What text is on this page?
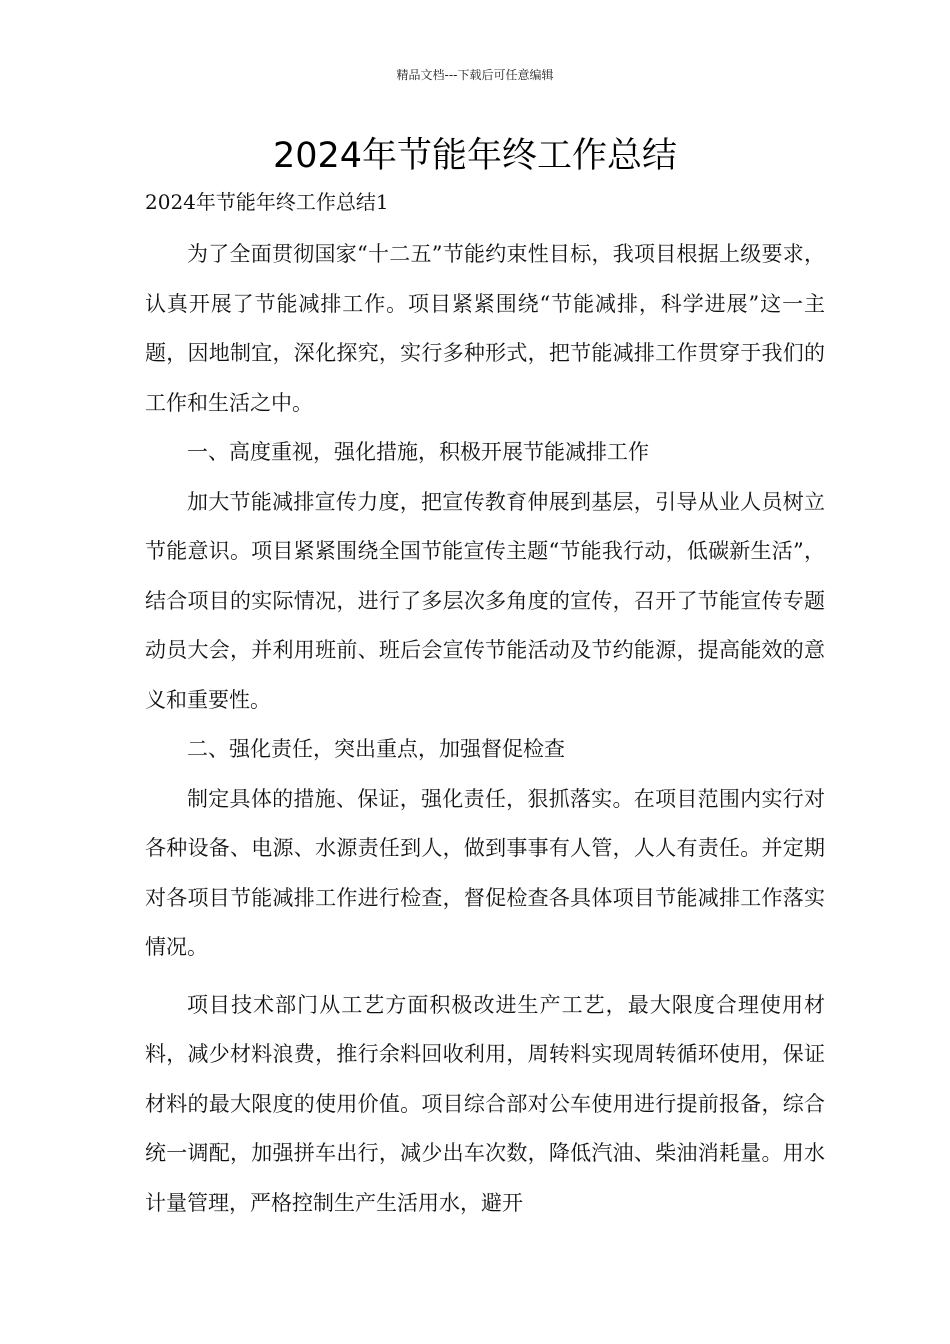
精品文档---下载后可任意编辑
2024年节能年终工作总结
2024年节能年终工作总结1

为了全面贯彻国家“十二五”节能约束性目标，我项目根据上级要求，认真开展了节能减排工作。项目紧紧围绕“节能减排，科学进展”这一主题，因地制宜，深化探究，实行多种形式，把节能减排工作贯穿于我们的工作和生活之中。

一、高度重视，强化措施，积极开展节能减排工作

加大节能减排宣传力度，把宣传教育伸展到基层，引导从业人员树立节能意识。项目紧紧围绕全国节能宣传主题“节能我行动，低碳新生活”，结合项目的实际情况，进行了多层次多角度的宣传，召开了节能宣传专题动员大会，并利用班前、班后会宣传节能活动及节约能源，提高能效的意义和重要性。

二、强化责任，突出重点，加强督促检查

制定具体的措施、保证，强化责任，狠抓落实。在项目范围内实行对各种设备、电源、水源责任到人，做到事事有人管，人人有责任。并定期对各项目节能减排工作进行检查，督促检查各具体项目节能减排工作落实情况。

项目技术部门从工艺方面积极改进生产工艺，最大限度合理使用材料，减少材料浪费，推行余料回收利用，周转料实现周转循环使用，保证材料的最大限度的使用价值。项目综合部对公车使用进行提前报备，综合统一调配，加强拼车出行，减少出车次数，降低汽油、柴油消耗量。用水计量管理，严格控制生产生活用水，避开
